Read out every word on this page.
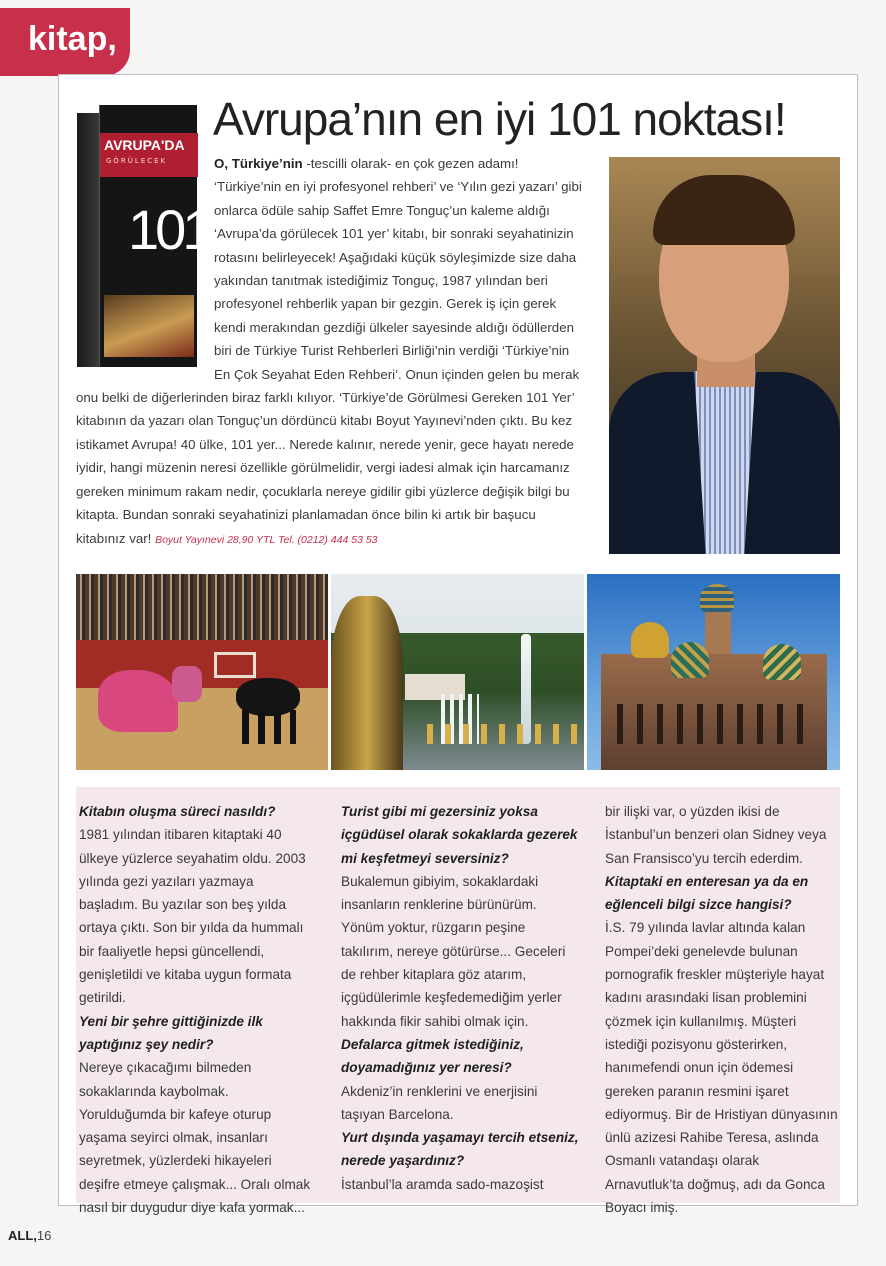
kitap,
AVRUPA'DA
GÖRÜLECEK
101
Avrupa’nın en iyi 101 noktası!
O, Türkiye’nin -tescilli olarak- en çok gezen adamı! ‘Türkiye’nin en iyi profesyonel rehberi’ ve ‘Yılın gezi yazarı’ gibi onlarca ödüle sahip Saffet Emre Tonguç’un kaleme aldığı ‘Avrupa’da görülecek 101 yer’ kitabı, bir sonraki seyahatinizin rotasını belirleyecek! Aşağıdaki küçük söyleşimizde size daha yakından tanıtmak istediğimiz Tonguç, 1987 yılından beri profesyonel rehberlik yapan bir gezgin. Gerek iş için gerek kendi merakından gezdiği ülkeler sayesinde aldığı ödüllerden biri de Türkiye Turist Rehberleri Birliği’nin verdiği ‘Türkiye’nin En Çok Seyahat Eden Rehberi’. Onun içinden gelen bu merak onu belki de diğerlerinden biraz farklı kılıyor. ‘Türkiye’de Görülmesi Gereken 101 Yer’ kitabının da yazarı olan Tonguç’un dördüncü kitabı Boyut Yayınevi’nden çıktı. Bu kez istikamet Avrupa! 40 ülke, 101 yer... Nerede kalınır, nerede yenir, gece hayatı nerede iyidir, hangi müzenin neresi özellikle görülmelidir, vergi iadesi almak için harcamanız gereken minimum rakam nedir, çocuklarla nereye gidilir gibi yüzlerce değişik bilgi bu kitapta. Bundan sonraki seyahatinizi planlamadan önce bilin ki artık bir başucu kitabınız var! Boyut Yayınevi 28,90 YTL Tel. (0212) 444 53 53

Kitabın oluşma süreci nasıldı?

1981 yılından itibaren kitaptaki 40 ülkeye yüzlerce seyahatim oldu. 2003 yılında gezi yazıları yazmaya başladım. Bu yazılar son beş yılda ortaya çıktı. Son bir yılda da hummalı bir faaliyetle hepsi güncellendi, genişletildi ve kitaba uygun formata getirildi.

Yeni bir şehre gittiğinizde ilk yaptığınız şey nedir?

Nereye çıkacağımı bilmeden sokaklarında kaybolmak. Yorulduğumda bir kafeye oturup yaşama seyirci olmak, insanları seyretmek, yüzlerdeki hikayeleri deşifre etmeye çalışmak... Oralı olmak nasıl bir duygudur diye kafa yormak...

Turist gibi mi gezersiniz yoksa içgüdüsel olarak sokaklarda gezerek mi keşfetmeyi seversiniz?

Bukalemun gibiyim, sokaklardaki insanların renklerine bürünürüm. Yönüm yoktur, rüzgarın peşine takılırım, nereye götürürse... Geceleri de rehber kitaplara göz atarım, içgüdülerimle keşfedemediğim yerler hakkında fikir sahibi olmak için.

Defalarca gitmek istediğiniz, doyamadığınız yer neresi?

Akdeniz’in renklerini ve enerjisini taşıyan Barcelona.

Yurt dışında yaşamayı tercih etseniz, nerede yaşardınız?

İstanbul’la aramda sado-mazoşist

bir ilişki var, o yüzden ikisi de İstanbul’un benzeri olan Sidney veya San Fransisco’yu tercih ederdim.

Kitaptaki en enteresan ya da en eğlenceli bilgi sizce hangisi?

İ.S. 79 yılında lavlar altında kalan Pompei’deki genelevde bulunan pornografik freskler müşteriyle hayat kadını arasındaki lisan problemini çözmek için kullanılmış. Müşteri istediği pozisyonu gösterirken, hanımefendi onun için ödemesi gereken paranın resmini işaret ediyormuş. Bir de Hristiyan dünyasının ünlü azizesi Rahibe Teresa, aslında Osmanlı vatandaşı olarak Arnavutluk’ta doğmuş, adı da Gonca Boyacı imiş.

ALL,16
